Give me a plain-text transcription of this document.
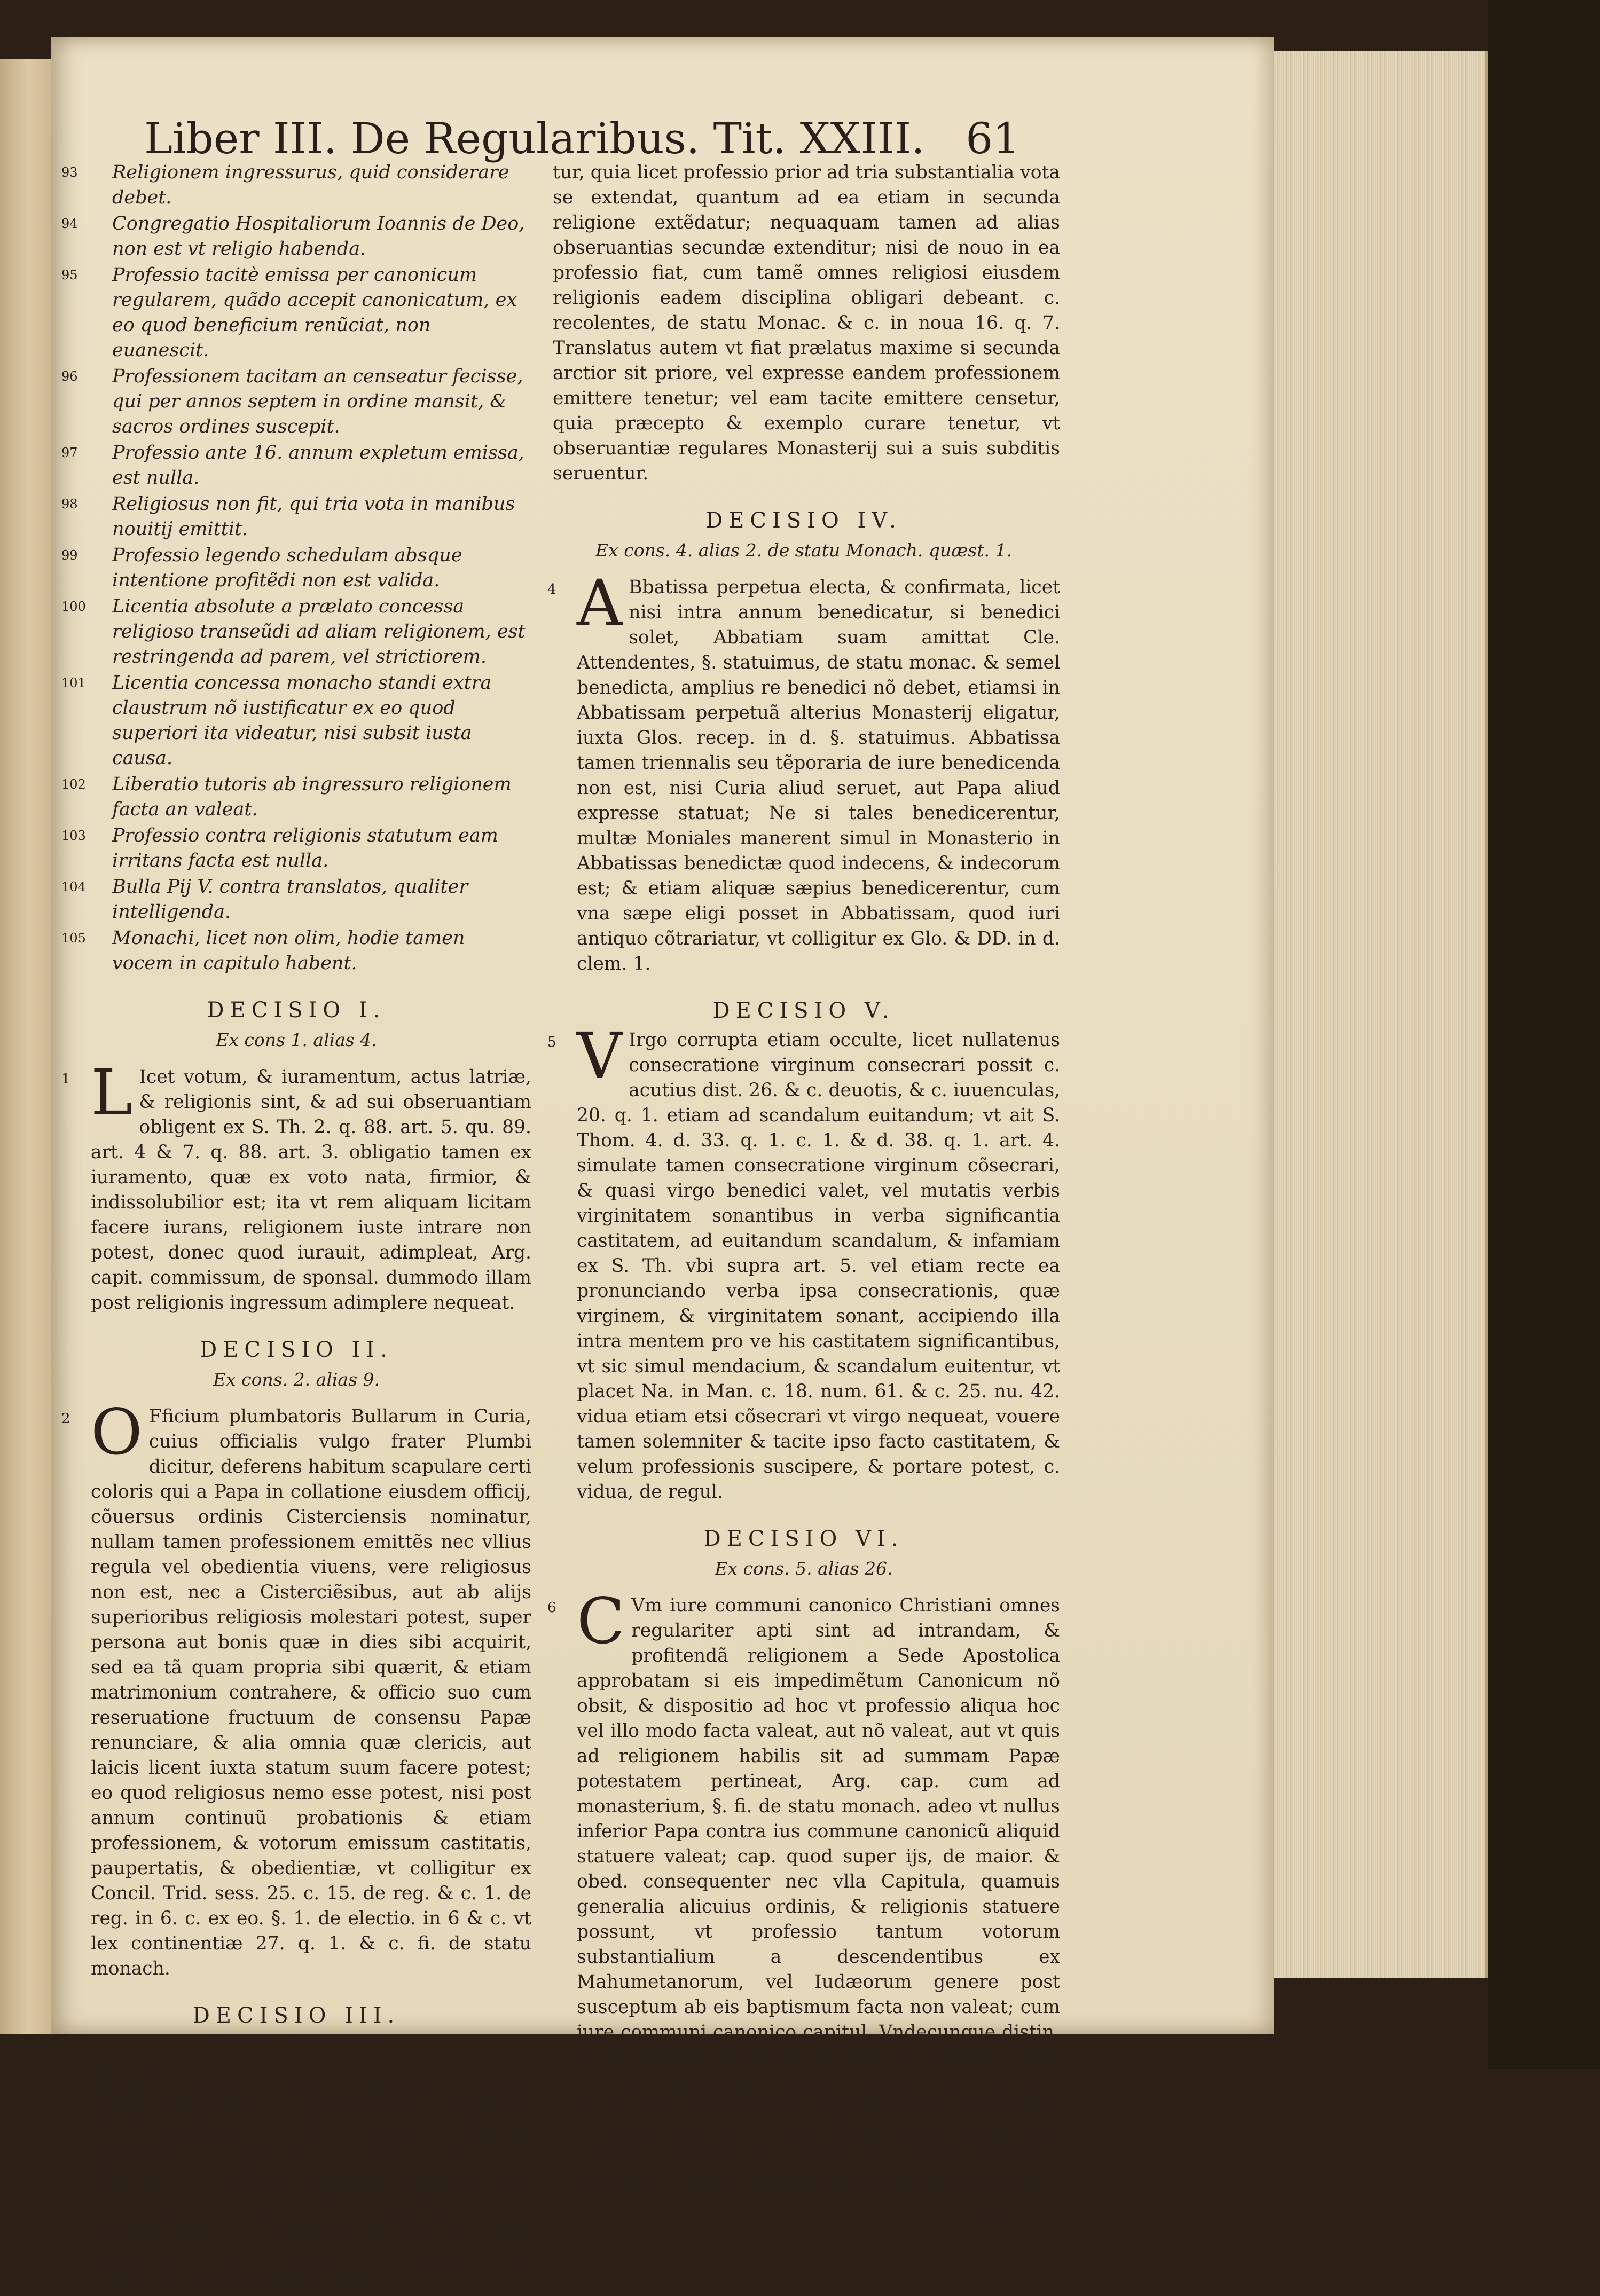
Liber III. De Regularibus. Tit. XXIII. 61

93 Religionem ingressurus, quid considerare debet.

94 Congregatio Hospitaliorum Ioannis de Deo, non est vt religio habenda.

95 Professio tacitè emissa per canonicum regularem, quãdo accepit canonicatum, ex eo quod beneficium renũciat, non euanescit.

96 Professionem tacitam an censeatur fecisse, qui per annos septem in ordine mansit, & sacros ordines suscepit.

97 Professio ante 16. annum expletum emissa, est nulla.

98 Religiosus non fit, qui tria vota in manibus nouitij emittit.

99 Professio legendo schedulam absque intentione profitẽdi non est valida.

100 Licentia absolute a prælato concessa religioso transeũdi ad aliam religionem, est restringenda ad parem, vel strictiorem.

101 Licentia concessa monacho standi extra claustrum nõ iustificatur ex eo quod superiori ita videatur, nisi subsit iusta causa.

102 Liberatio tutoris ab ingressuro religionem facta an valeat.

103 Professio contra religionis statutum eam irritans facta est nulla.

104 Bulla Pij V. contra translatos, qualiter intelligenda.

105 Monachi, licet non olim, hodie tamen vocem in capitulo habent.

DECISIO I.
Ex cons 1. alias 4.

1 L Icet votum, & iuramentum, actus latriæ, & religionis sint, & ad sui obseruantiam obligent ex S. Th. 2. q. 88. art. 5. qu. 89. art. 4 & 7. q. 88. art. 3. obligatio tamen ex iuramento, quæ ex voto nata, firmior, & indissolubilior est; ita vt rem aliquam licitam facere iurans, religionem iuste intrare non potest, donec quod iurauit, adimpleat, Arg. capit. commissum, de sponsal. dummodo illam post religionis ingressum adimplere nequeat.

DECISIO II.
Ex cons. 2. alias 9.

2 O Fficium plumbatoris Bullarum in Curia, cuius officialis vulgo frater Plumbi dicitur, deferens habitum scapulare certi coloris qui a Papa in collatione eiusdem officij, cõuersus ordinis Cisterciensis nominatur, nullam tamen professionem emittẽs nec vllius regula vel obedientia viuens, vere religiosus non est, nec a Cisterciẽsibus, aut ab alijs superioribus religiosis molestari potest, super persona aut bonis quæ in dies sibi acquirit, sed ea tã quam propria sibi quærit, & etiam matrimonium contrahere, & officio suo cum reseruatione fructuum de consensu Papæ renunciare, & alia omnia quæ clericis, aut laicis licent iuxta statum suum facere potest; eo quod religiosus nemo esse potest, nisi post annum continuũ probationis & etiam professionem, & votorum emissum castitatis, paupertatis, & obedientiæ, vt colligitur ex Concil. Trid. sess. 25. c. 15. de reg. & c. 1. de reg. in 6. c. ex eo. §. 1. de electio. in 6 & c. vt lex continentiæ 27. q. 1. & c. fi. de statu monach.

DECISIO III.
Ex cons. 3. alias 60.

3 M Onachus, seu regularis vnam religionem approbatam legitime professus, ad aliam religionẽ approbatam legitime transiens, de nouo profiteri in secunda religione tenetur; siue transferatur vt fiat in illa prælatus, siue vt maneat ibi, vt subditus, & sit de illius Monasterij. Nam si Monachus simplex sit, ea ratione de nouo profiteri tene-

tur, quia licet professio prior ad tria substantialia vota se extendat, quantum ad ea etiam in secunda religione extẽdatur; nequaquam tamen ad alias obseruantias secundæ extenditur; nisi de nouo in ea professio fiat, cum tamẽ omnes religiosi eiusdem religionis eadem disciplina obligari debeant. c. recolentes, de statu Monac. & c. in noua 16. q. 7. Translatus autem vt fiat prælatus maxime si secunda arctior sit priore, vel expresse eandem professionem emittere tenetur; vel eam tacite emittere censetur, quia præcepto & exemplo curare tenetur, vt obseruantiæ regulares Monasterij sui a suis subditis seruentur.

DECISIO IV.
Ex cons. 4. alias 2. de statu Monach. quæst. 1.

4 A Bbatissa perpetua electa, & confirmata, licet nisi intra annum benedicatur, si benedici solet, Abbatiam suam amittat Cle. Attendentes, §. statuimus, de statu monac. & semel benedicta, amplius re benedici nõ debet, etiamsi in Abbatissam perpetuã alterius Monasterij eligatur, iuxta Glos. recep. in d. §. statuimus. Abbatissa tamen triennalis seu tẽporaria de iure benedicenda non est, nisi Curia aliud seruet, aut Papa aliud expresse statuat; Ne si tales benedicerentur, multæ Moniales manerent simul in Monasterio in Abbatissas benedictæ quod indecens, & indecorum est; & etiam aliquæ sæpius benedicerentur, cum vna sæpe eligi posset in Abbatissam, quod iuri antiquo cõtrariatur, vt colligitur ex Glo. & DD. in d. clem. 1.

DECISIO V.

5 V Irgo corrupta etiam occulte, licet nullatenus consecratione virginum consecrari possit c. acutius dist. 26. & c. deuotis, & c. iuuenculas, 20. q. 1. etiam ad scandalum euitandum; vt ait S. Thom. 4. d. 33. q. 1. c. 1. & d. 38. q. 1. art. 4. simulate tamen consecratione virginum cõsecrari, & quasi virgo benedici valet, vel mutatis verbis virginitatem sonantibus in verba significantia castitatem, ad euitandum scandalum, & infamiam ex S. Th. vbi supra art. 5. vel etiam recte ea pronunciando verba ipsa consecrationis, quæ virginem, & virginitatem sonant, accipiendo illa intra mentem pro ve his castitatem significantibus, vt sic simul mendacium, & scandalum euitentur, vt placet Na. in Man. c. 18. num. 61. & c. 25. nu. 42. vidua etiam etsi cõsecrari vt virgo nequeat, vouere tamen solemniter & tacite ipso facto castitatem, & velum professionis suscipere, & portare potest, c. vidua, de regul.

DECISIO VI.
Ex cons. 5. alias 26.

6 C Vm iure communi canonico Christiani omnes regulariter apti sint ad intrandam, & profitendã religionem a Sede Apostolica approbatam si eis impedimẽtum Canonicum nõ obsit, & dispositio ad hoc vt professio aliqua hoc vel illo modo facta valeat, aut nõ valeat, aut vt quis ad religionem habilis sit ad summam Papæ potestatem pertineat, Arg. cap. cum ad monasterium, §. fi. de statu monach. adeo vt nullus inferior Papa contra ius commune canonicũ aliquid statuere valeat; cap. quod super ijs, de maior. & obed. consequenter nec vlla Capitula, quamuis generalia alicuius ordinis, & religionis statuere possunt, vt professio tantum votorum substantialium a descendentibus ex Mahumetanorum, vel Iudæorum genere post susceptum ab eis baptismum facta non valeat; cum iure communi canonico capitul. Vndecunque distin. 56 & capitulo, recurrat. 32. quæ. 4. & capitul. eam tu. de præscrip. tales intrare, & profiteri religionem approbatam nõ prohibeantur; Et statuta in contrarium ab inferiori Papa facta, tanquã iuri cõmuni contraria non valent; etsi statuta religionis in genere a Papa cõfirmata sint; quia ab eo tãtum

F	sua-
